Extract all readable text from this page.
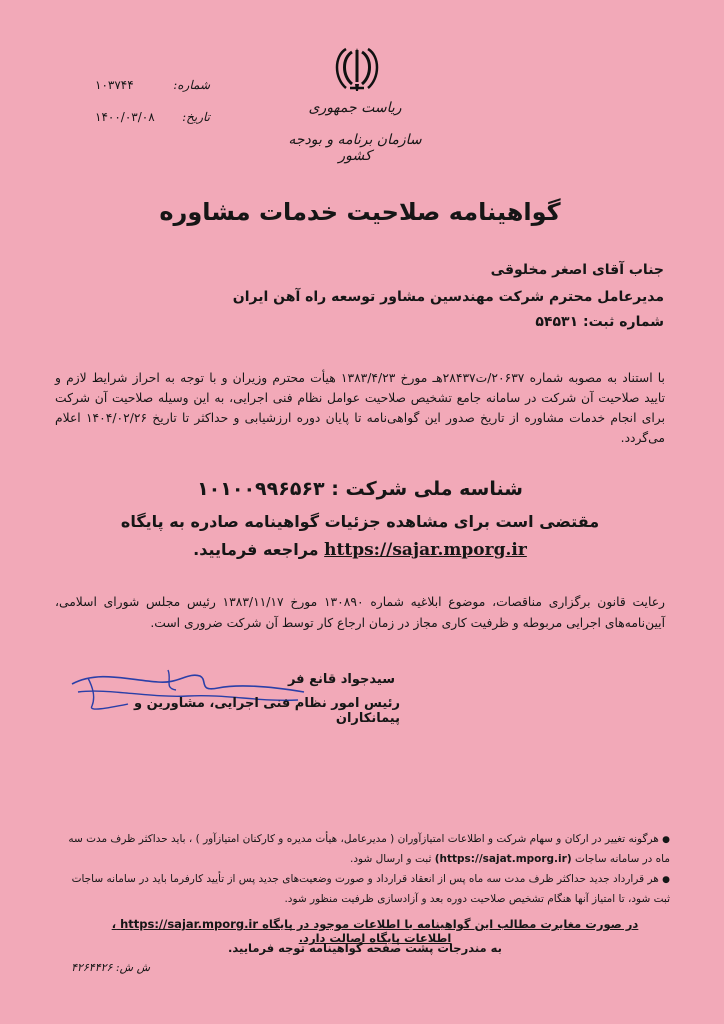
شماره:
۱۰۳۷۴۴
تاریخ:
۱۴۰۰/۰۳/۰۸
ریاست جمهوری
سازمان برنامه و بودجه کشور
گواهینامه صلاحیت خدمات مشاوره
جناب آقای اصغر مخلوقی
مدیرعامل محترم شرکت مهندسین مشاور توسعه راه آهن ایران
شماره ثبت: ۵۴۵۳۱
با استناد به مصوبه شماره ۲۰۶۳۷/ت۲۸۴۳۷هـ مورخ ۱۳۸۳/۴/۲۳ هیأت محترم وزیران و با توجه به احراز شرایط لازم و تایید صلاحیت آن شرکت در سامانه جامع تشخیص صلاحیت عوامل نظام فنی اجرایی، به این وسیله صلاحیت آن شرکت برای انجام خدمات مشاوره از تاریخ صدور این گواهی‌نامه تا پایان دوره ارزشیابی و حداکثر تا تاریخ ۱۴۰۴/۰۲/۲۶ اعلام می‌گردد.
شناسه ملی شرکت : ۱۰۱۰۰۹۹۶۵۶۳
مقتضی است برای مشاهده جزئیات گواهینامه صادره به پایگاه
https://sajar.mporg.ir مراجعه فرمایید.
رعایت قانون برگزاری مناقصات، موضوع ابلاغیه شماره ۱۳۰۸۹۰ مورخ ۱۳۸۳/۱۱/۱۷ رئیس مجلس شورای اسلامی، آیین‌نامه‌های اجرایی مربوطه و ظرفیت کاری مجاز در زمان ارجاع کار توسط آن شرکت ضروری است.
سیدجواد قانع فر
رئیس امور نظام فنی اجرایی، مشاورین و پیمانکاران
● هرگونه تغییر در ارکان و سهام شرکت و اطلاعات امتیازآوران ( مدیرعامل، هیأت مدیره و کارکنان امتیازآور ) ، باید حداکثر ظرف مدت سه ماه در سامانه ساجات (https://sajat.mporg.ir) ثبت و ارسال شود.
● هر قرارداد جدید حداکثر ظرف مدت سه ماه پس از انعقاد قرارداد و صورت وضعیت‌های جدید پس از تأیید کارفرما باید در سامانه ساجات ثبت شود، تا امتیاز آنها هنگام تشخیص صلاحیت دوره بعد و آزادسازی ظرفیت منظور شود.
در صورت مغایرت مطالب این گواهینامه با اطلاعات موجود در پایگاه https://sajar.mporg.ir ، اطلاعات پایگاه اصالت دارد.
به مندرجات پشت صفحه گواهینامه توجه فرمایید.
ش ش: ۴۲۶۴۴۲۶
